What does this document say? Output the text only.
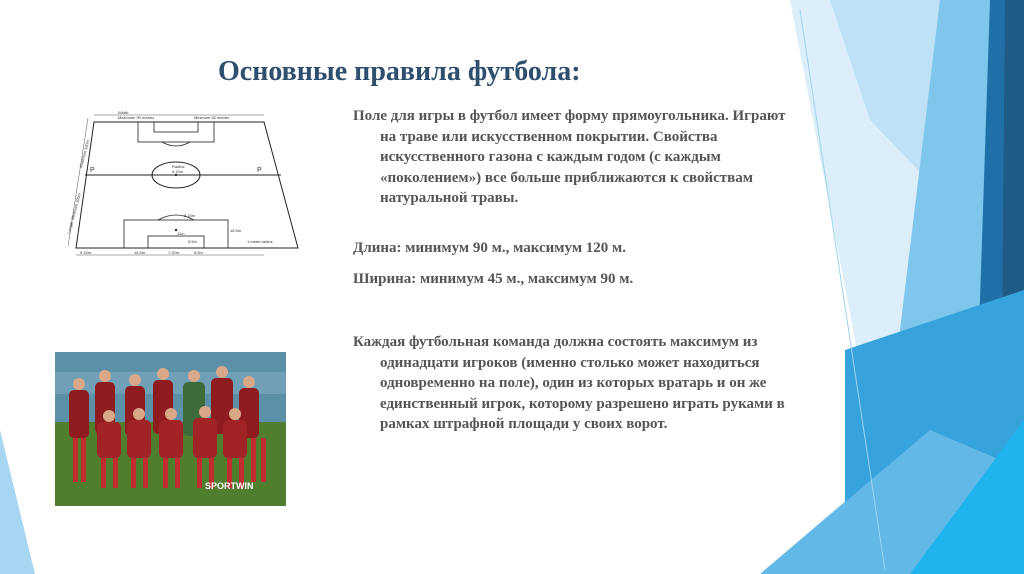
Основные правила футбола:
Width:
Maximum 90 metres	Minimum 45 metres
Maximum 120m
Length: Minimum 100m
Radius
9.15m
9.15m
16.5m
11m
5.5m
16.5m	7.32m	5.5m
9.15m
1 metre radius
P	P

Поле для игры в футбол имеет форму прямоугольника. Играют на траве или искусственном покрытии. Свойства искусственного газона с каждым годом (с каждым «поколением») все больше приближаются к свойствам натуральной травы.

Длина: минимум 90 м., максимум 120 м.

Ширина: минимум 45 м., максимум 90 м.

Каждая футбольная команда должна состоять максимум из одинадцати игроков (именно столько может находиться одновременно на поле), один из которых вратарь и он же единственный игрок, которому разрешено играть руками в рамках штрафной площади у своих ворот.

SPORTWIN
